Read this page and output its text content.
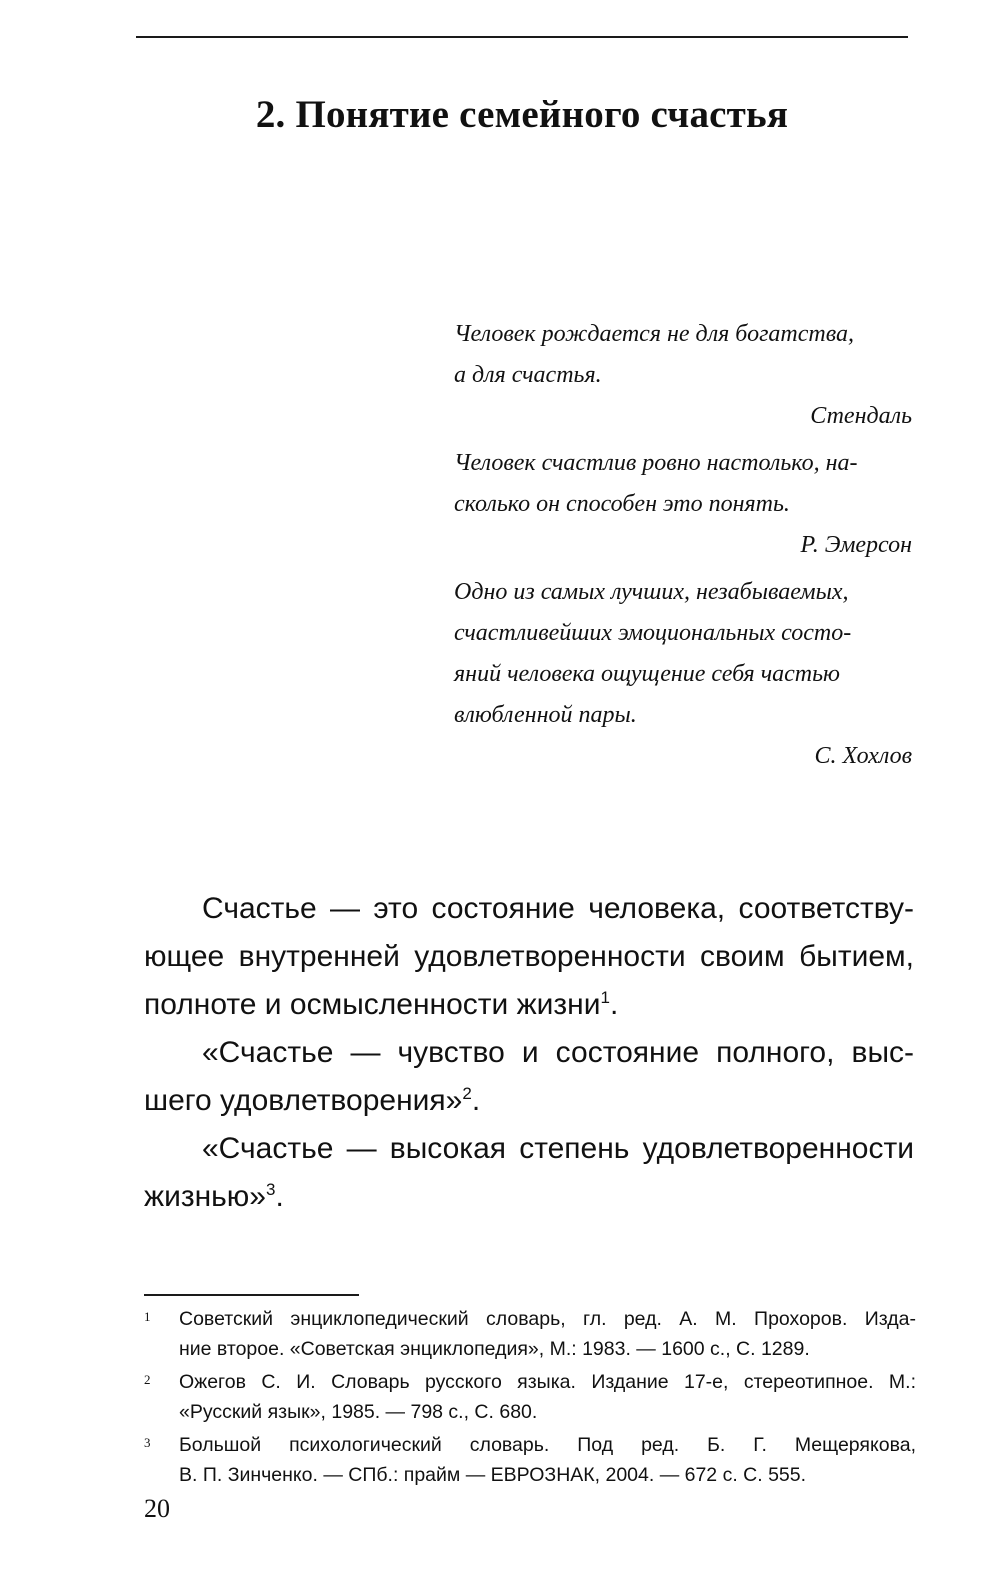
2. Понятие семейного счастья
Человек рождается не для богатства,
а для счастья.
Стендаль
Человек счастлив ровно настолько, на-
сколько он способен это понять.
Р. Эмерсон
Одно из самых лучших, незабываемых,
счастливейших эмоциональных состо-
яний человека ощущение себя частью
влюбленной пары.
С. Хохлов

Счастье — это состояние человека, соответству-
ющее внутренней удовлетворенности своим бытием,
полноте и осмысленности жизни$^1$.

«Счастье — чувство и состояние полного, выс-
шего удовлетворения»$^2$.

«Счастье — высокая степень удовлетворенности
жизнью»$^3$.

1 Советский энциклопедический словарь, гл. ред. А. М. Прохоров. Изда-
ние второе. «Советская энциклопедия», М.: 1983. — 1600 с., С. 1289.
2 Ожегов С. И. Словарь русского языка. Издание 17-е, стереотипное. М.:
«Русский язык», 1985. — 798 с., С. 680.
3 Большой психологический словарь. Под ред. Б. Г. Мещерякова,
В. П. Зинченко. — СПб.: прайм — ЕВРОЗНАК, 2004. — 672 с. С. 555.
20
